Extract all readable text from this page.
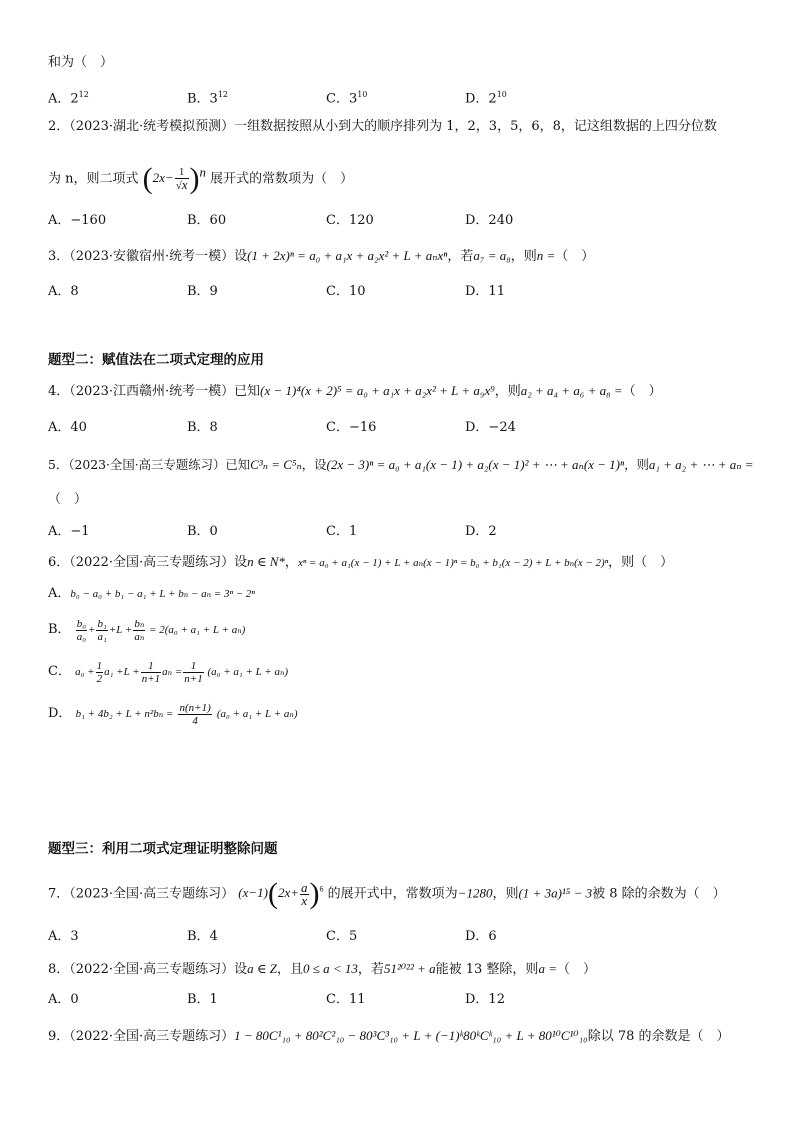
和为（　）
A．$2^{12}$	B．$3^{12}$	C．$3^{10}$	D．$2^{10}$
2．（2023·湖北·统考模拟预测）一组数据按照从小到大的顺序排列为 1，2，3，5，6，8，记这组数据的上四分位数
为 n，则二项式 $(2x- \frac{1}{√x} )^n$ 展开式的常数项为（　）
A．−160	B．60	C．120	D．240
3．（2023·安徽宿州·统考一模）设(1 + 2x)ⁿ = a₀ + a₁x + a₂x² + L + aₙxⁿ，若a₇ = a₈，则n =（　）
A．8	B．9	C．10	D．11
题型二：赋值法在二项式定理的应用
4．（2023·江西赣州·统考一模）已知(x − 1)⁴(x + 2)⁵ = a₀ + a₁x + a₂x² + L + a₉x⁹，则a₂ + a₄ + a₆ + a₈ =（　）
A．40	B．8	C．−16	D．−24
5．（2023·全国·高三专题练习）已知C³ₙ = C⁵ₙ，设(2x − 3)ⁿ = a₀ + a₁(x − 1) + a₂(x − 1)² + ⋯ + aₙ(x − 1)ⁿ，则a₁ + a₂ + ⋯ + aₙ =
（　）
A．−1	B．0	C．1	D．2
6．（2022·全国·高三专题练习）设n ∈ N*，xⁿ = a₀ + a₁(x − 1) + L + aₙ(x − 1)ⁿ = b₀ + b₁(x − 2) + L + bₙ(x − 2)ⁿ，则（　）
A．b₀ − a₀ + b₁ − a₁ + L + bₙ − aₙ = 3ⁿ − 2ⁿ
B． $\frac{\text{b₀}}{\text{a₀}} + \frac{\text{b₁}}{\text{a₁}} +L + \frac{\text{bₙ}}{\text{aₙ}} = 2(a_0 + a_1 + L + a_n)$
C． $a_0 + \frac{1}{2} a_1 +L + \frac{1}{n+1}$ $a_n = \frac{1}{n+1} (a_0 + a_1 + L + a_n)$
D． $b_1 + 4b_2 + L + n^2b_n = \frac{n(n+1)}{4} (a_0 + a_1 + L + a_n)$
题型三：利用二项式定理证明整除问题
7．（2023·全国·高三专题练习） $(x-1)(2x+ \frac{a}{x} )^6$ 的展开式中，常数项为−1280，则(1 + 3a)¹⁵ − 3被 8 除的余数为（　）
A．3	B．4	C．5	D．6
8．（2022·全国·高三专题练习）设a ∈ Z，且0 ≤ a < 13，若51²⁰²² + a能被 13 整除，则a =（　）
A．0	B．1	C．11	D．12
9．（2022·全国·高三专题练习）1 − 80C¹₁₀ + 80²C²₁₀ − 80³C³₁₀ + L + (−1)ᵏ80ᵏCᵏ₁₀ + L + 80¹⁰C¹⁰₁₀除以 78 的余数是（　）
